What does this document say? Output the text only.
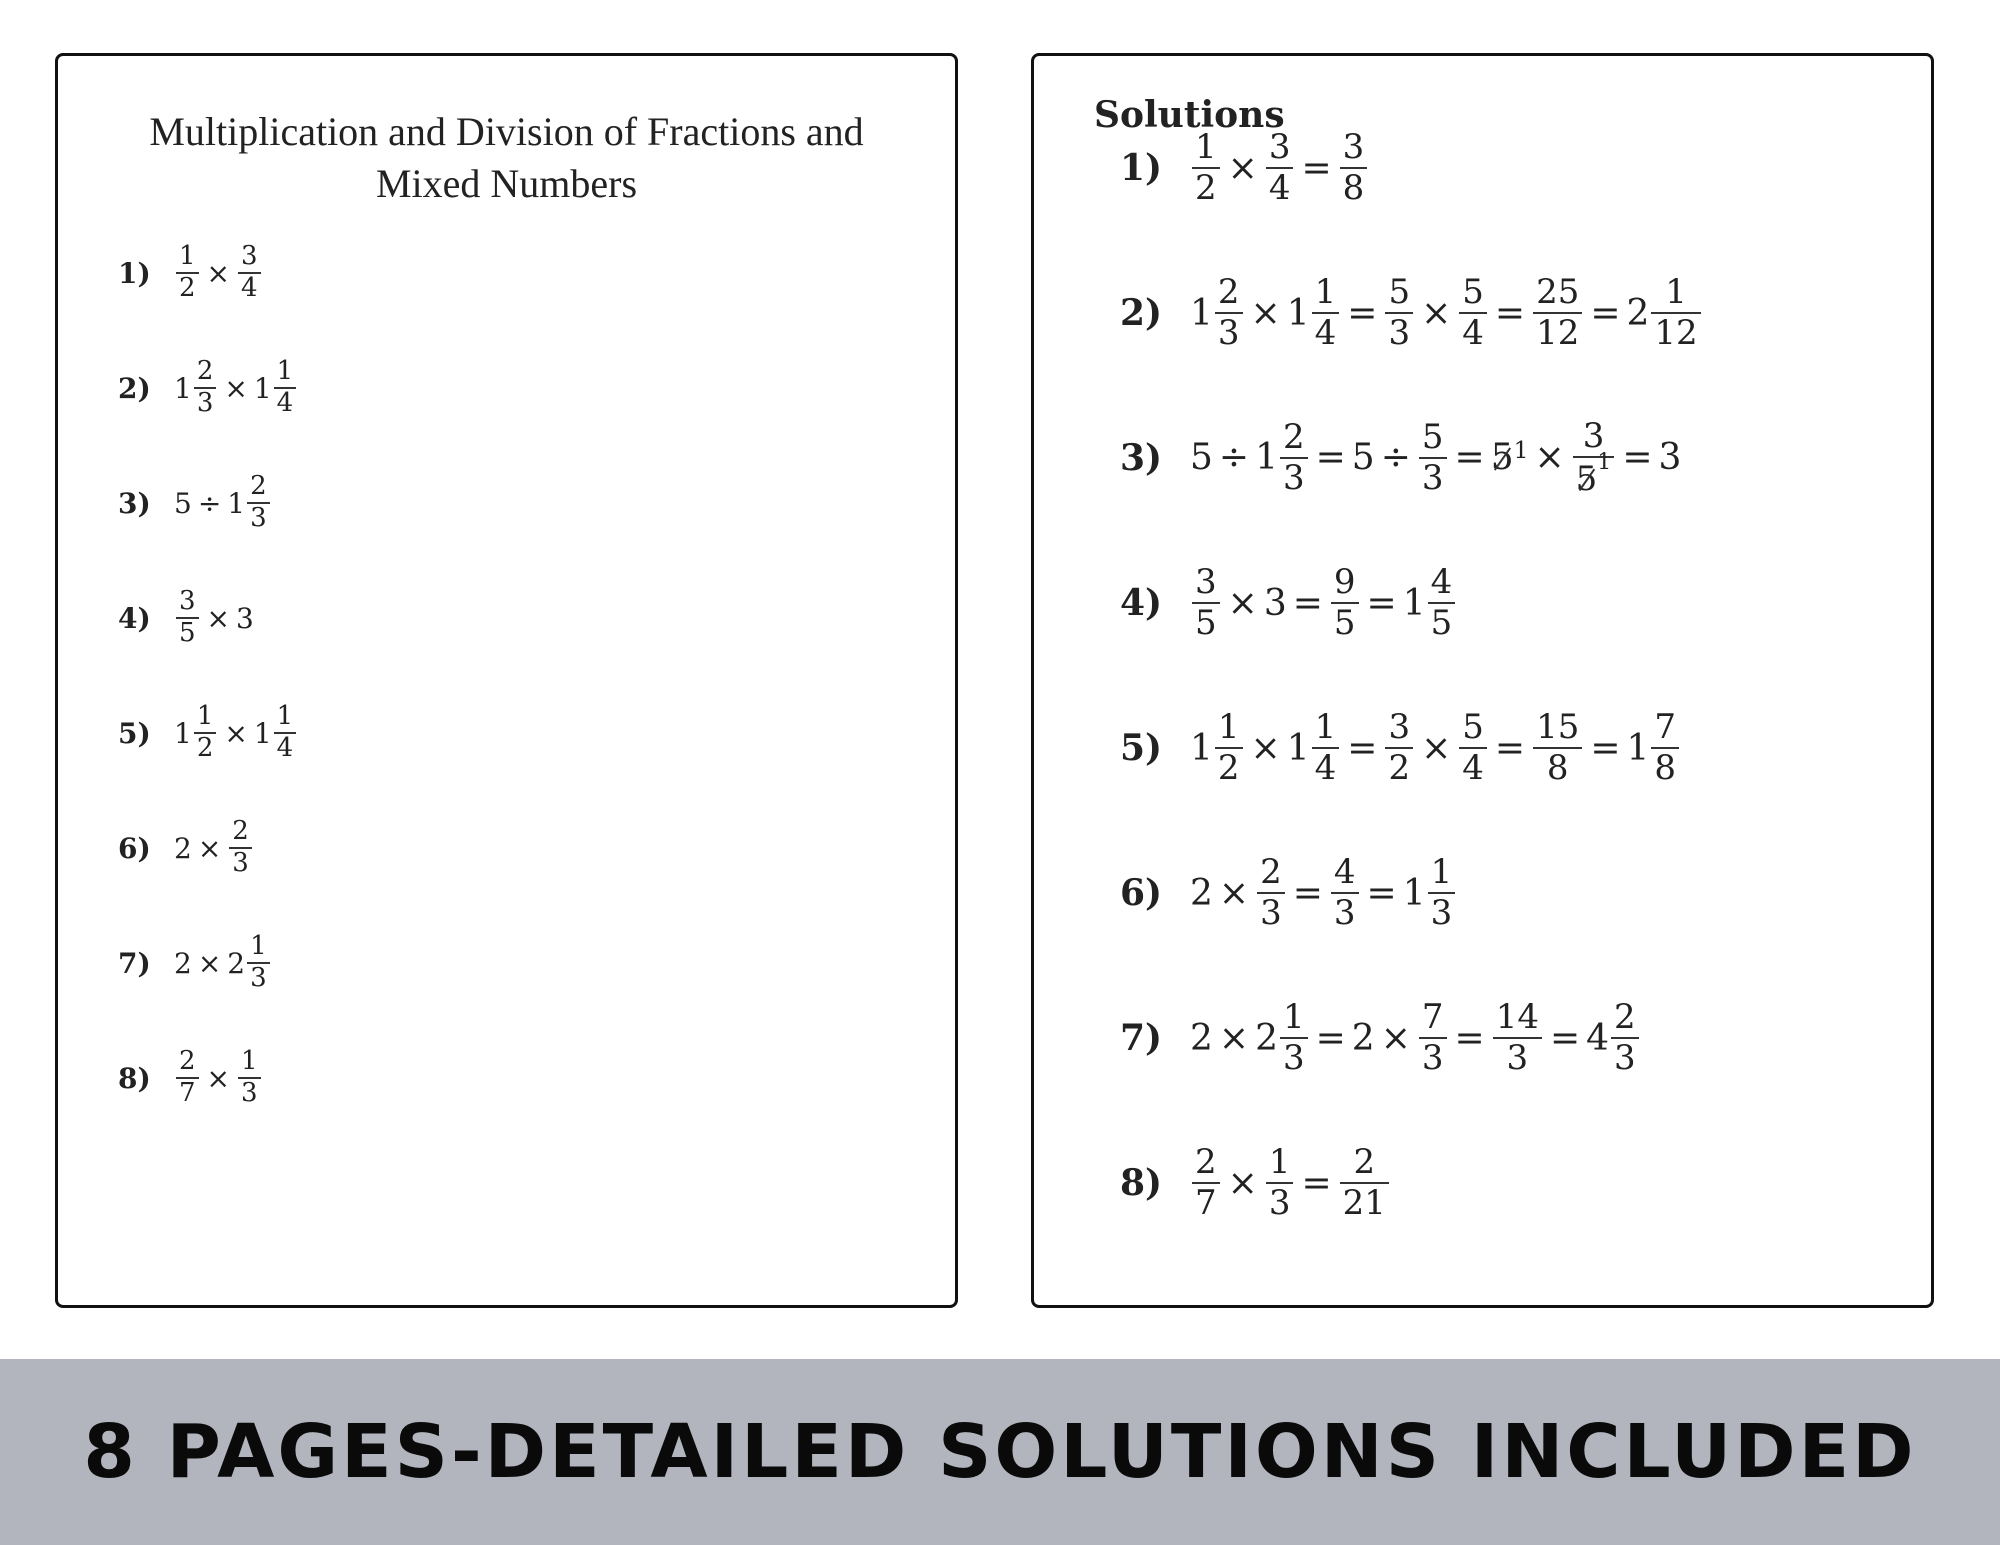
Multiplication and Division of Fractions and
Mixed Numbers
$1) \frac{1}{2} \times \frac{3}{4}$
2) $1 \frac{2}{3} \times 1 \frac{1}{4}$
3) $5 \div 1 \frac{2}{3}$
$4) \frac{3}{5} \times 3$
5) $1 \frac{1}{2} \times 1 \frac{1}{4}$
6) $2 \times \frac{2}{3}$
7) $2 \times 2 \frac{1}{3}$
$8) \frac{2}{7} \times \frac{1}{3}$
Solutions
$1) \frac{1}{2} \times \frac{3}{4} = \frac{3}{8}$
2) $1 \frac{2}{3} \times 1 \frac{1}{4} = \frac{5}{3} \times \frac{5}{4} = \frac{25}{12} = 2 \frac{1}{12}$
3) $5 \div 1 \frac{2}{3} = 5 \div \frac{5}{3} = 5$ $1 \times \frac{3}{5^1} = 3$
$4) \frac{3}{5} \times 3 = \frac{9}{5} = 1 \frac{4}{5}$
5) $1 \frac{1}{2} \times 1 \frac{1}{4} = \frac{3}{2} \times \frac{5}{4} = \frac{15}{8} = 1 \frac{7}{8}$
6) $2 \times \frac{2}{3} = \frac{4}{3} = 1 \frac{1}{3}$
7) $2 \times 2 \frac{1}{3} = 2 \times \frac{7}{3} = \frac{14}{3} = 4 \frac{2}{3}$
$8) \frac{2}{7} \times \frac{1}{3} = \frac{2}{21}$
8 PAGES-DETAILED SOLUTIONS INCLUDED
